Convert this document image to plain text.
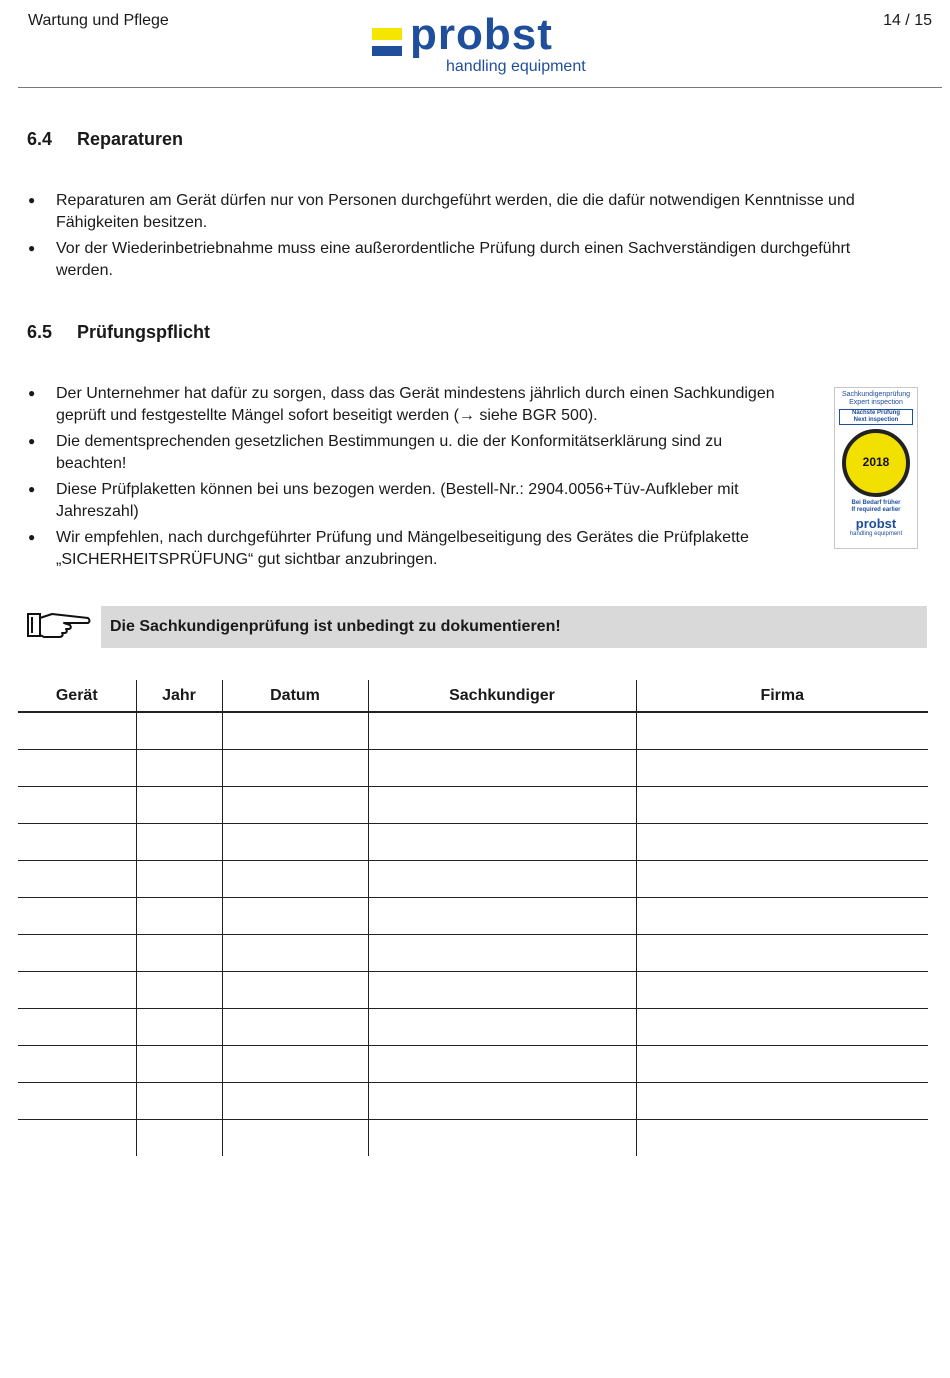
Wartung und Pflege	14 / 15
probst
handling equipment
6.4 Reparaturen
● Reparaturen am Gerät dürfen nur von Personen durchgeführt werden, die die dafür notwendigen Kenntnisse und
Fähigkeiten besitzen.
● Vor der Wiederinbetriebnahme muss eine außerordentliche Prüfung durch einen Sachverständigen durchgeführt
werden.
6.5 Prüfungspflicht
● Der Unternehmer hat dafür zu sorgen, dass das Gerät mindestens jährlich durch einen Sachkundigen
geprüft und festgestellte Mängel sofort beseitigt werden (→ siehe BGR 500).
● Die dementsprechenden gesetzlichen Bestimmungen u. die der Konformitätserklärung sind zu
beachten!
● Diese Prüfplaketten können bei uns bezogen werden. (Bestell-Nr.: 2904.0056+Tüv-Aufkleber mit
Jahreszahl)
● Wir empfehlen, nach durchgeführter Prüfung und Mängelbeseitigung des Gerätes die Prüfplakette
„SICHERHEITSPRÜFUNG“ gut sichtbar anzubringen.
Sachkundigenprüfung
Expert inspection
Nächste Prüfung
Next inspection
2018
Bei Bedarf früher
If required earlier
probst
handling equipment
Die Sachkundigenprüfung ist unbedingt zu dokumentieren!
Gerät	Jahr	Datum	Sachkundiger	Firma
